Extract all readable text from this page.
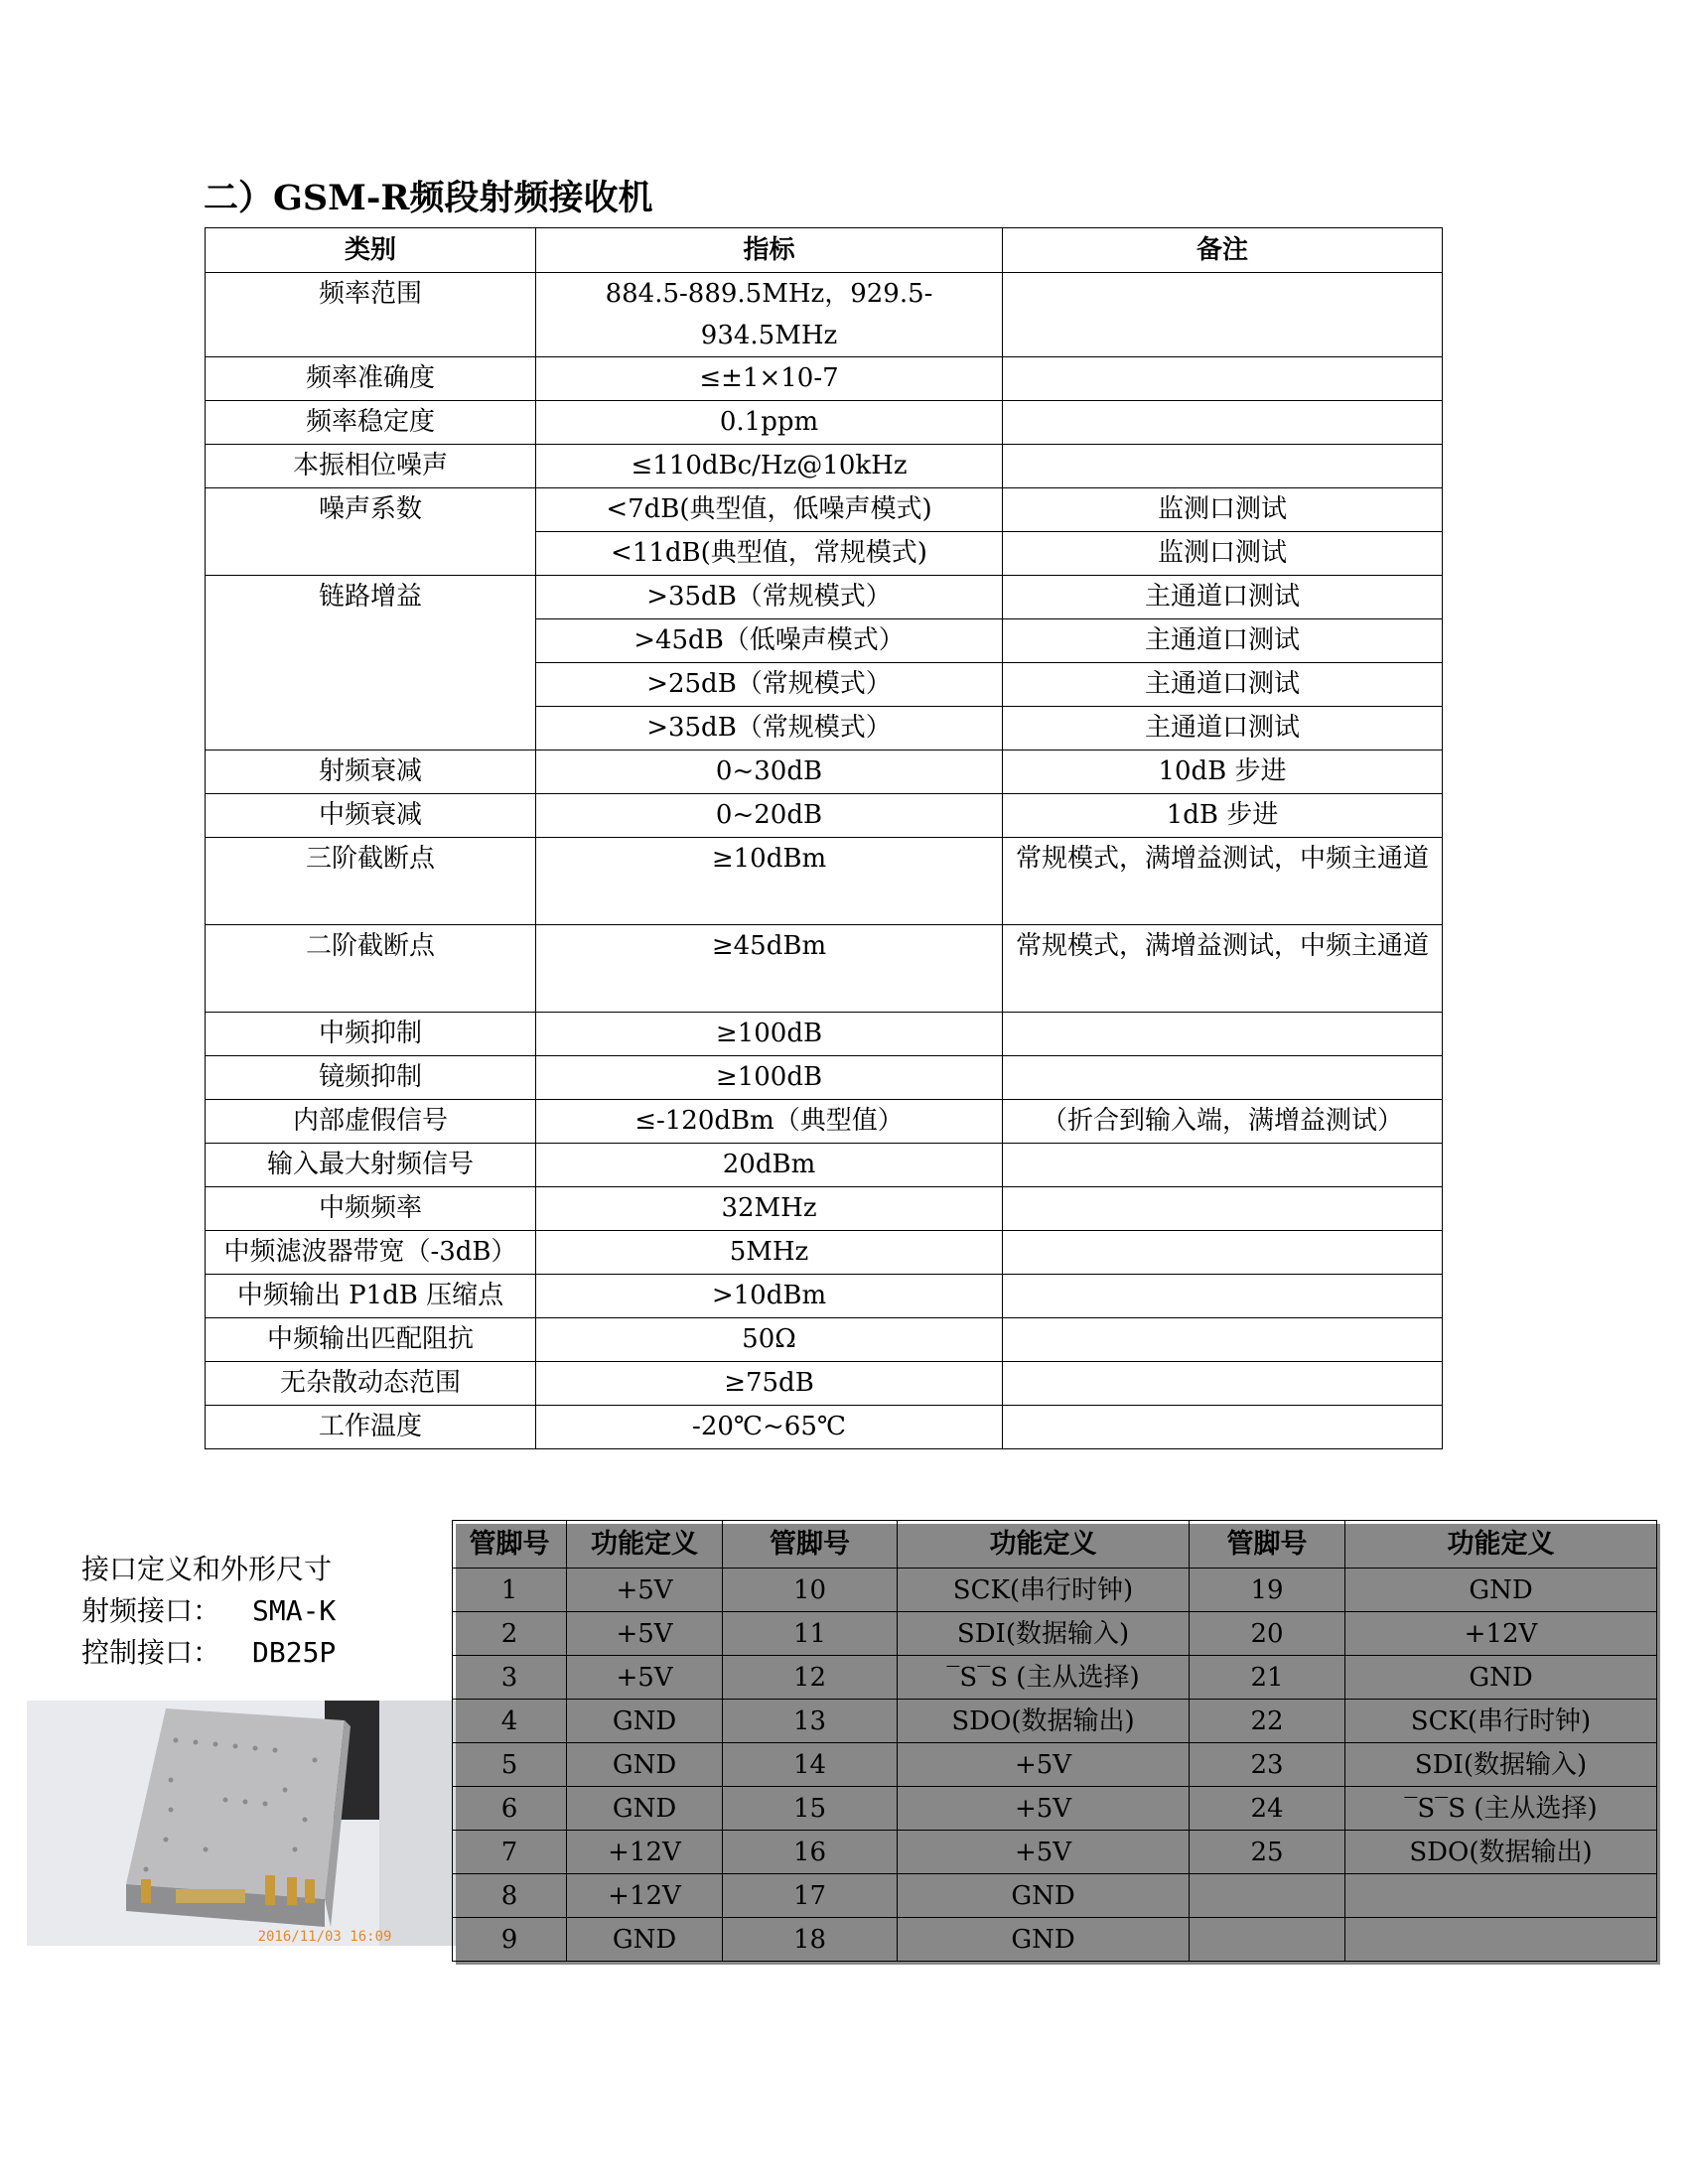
二）GSM-R频段射频接收机
类别	指标	备注
频率范围	884.5-889.5MHz，929.5-934.5MHz	
频率准确度	≤±1×10-7	
频率稳定度	0.1ppm	
本振相位噪声	≤110dBc/Hz@10kHz	
噪声系数	<7dB(典型值，低噪声模式)	监测口测试
	<11dB(典型值，常规模式)	监测口测试
链路增益	>35dB（常规模式）	主通道口测试
	>45dB（低噪声模式）	主通道口测试
	>25dB（常规模式）	主通道口测试
	>35dB（常规模式）	主通道口测试
射频衰减	0~30dB	10dB 步进
中频衰减	0~20dB	1dB 步进
三阶截断点	≥10dBm	常规模式，满增益测试，中频主通道
二阶截断点	≥45dBm	常规模式，满增益测试，中频主通道
中频抑制	≥100dB	
镜频抑制	≥100dB	
内部虚假信号	≤-120dBm（典型值）	（折合到输入端，满增益测试）
输入最大射频信号	20dBm	
中频频率	32MHz	
中频滤波器带宽（-3dB）	5MHz	
中频输出 P1dB 压缩点	>10dBm	
中频输出匹配阻抗	50Ω	
无杂散动态范围	≥75dB	
工作温度	-20℃~65℃	
接口定义和外形尺寸
射频接口： SMA-K
控制接口： DB25P
2016/11/03 16:09
管脚号	功能定义	管脚号	功能定义	管脚号	功能定义
1	+5V	10	SCK(串行时钟)	19	GND
2	+5V	11	SDI(数据输入)	20	+12V
3	+5V	12	‾S‾S (主从选择)	21	GND
4	GND	13	SDO(数据输出)	22	SCK(串行时钟)
5	GND	14	+5V	23	SDI(数据输入)
6	GND	15	+5V	24	‾S‾S (主从选择)
7	+12V	16	+5V	25	SDO(数据输出)
8	+12V	17	GND		
9	GND	18	GND		
